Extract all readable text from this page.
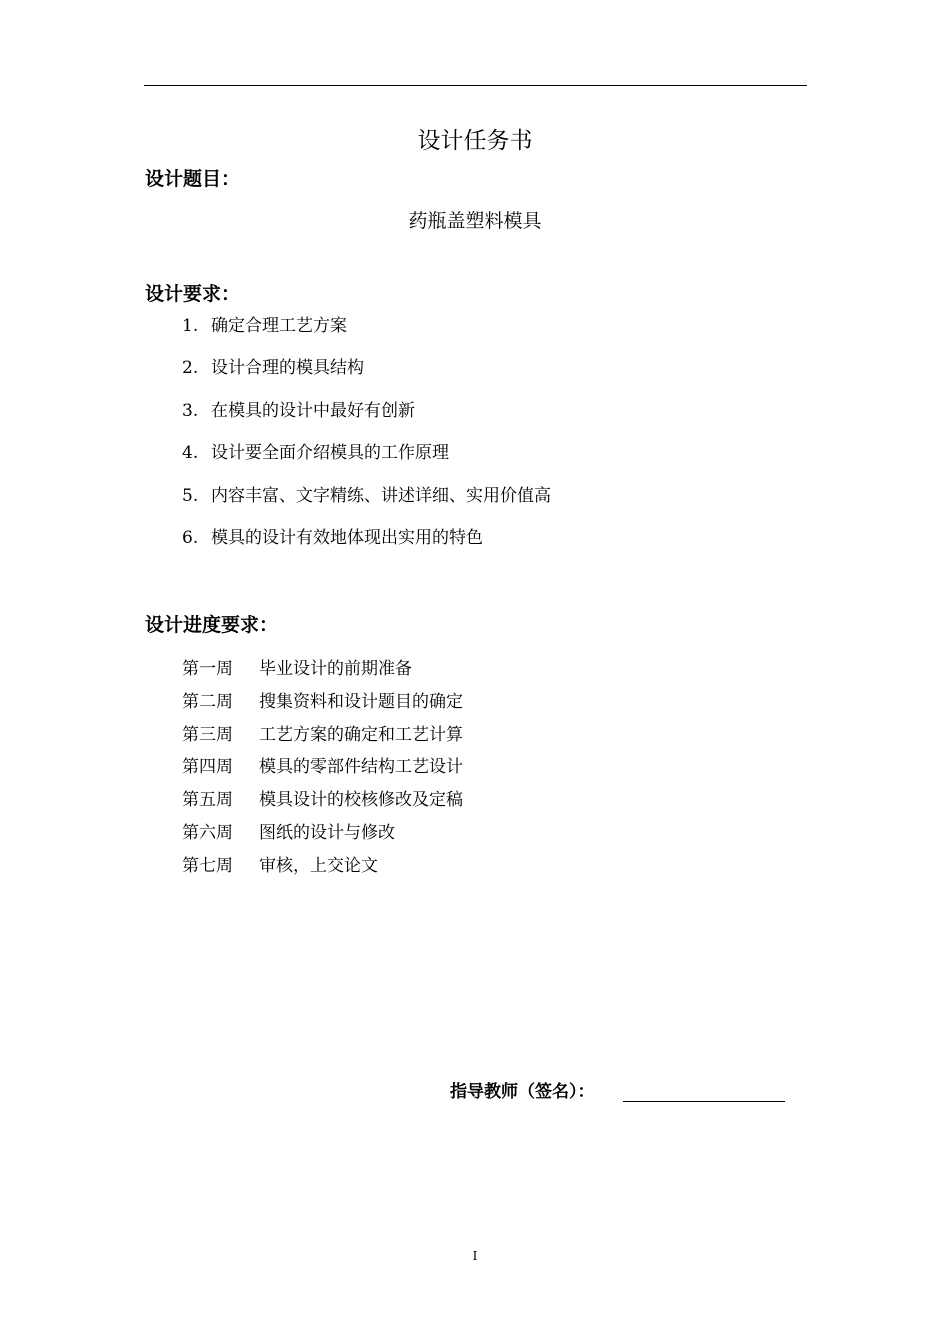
设计任务书
设计题目：
药瓶盖塑料模具
设计要求：
1. 确定合理工艺方案
2. 设计合理的模具结构
3. 在模具的设计中最好有创新
4. 设计要全面介绍模具的工作原理
5. 内容丰富、文字精练、讲述详细、实用价值高
6. 模具的设计有效地体现出实用的特色
设计进度要求：
第一周 毕业设计的前期准备
第二周 搜集资料和设计题目的确定
第三周 工艺方案的确定和工艺计算
第四周 模具的零部件结构工艺设计
第五周 模具设计的校核修改及定稿
第六周 图纸的设计与修改
第七周 审核，上交论文
指导教师（签名）：
I
